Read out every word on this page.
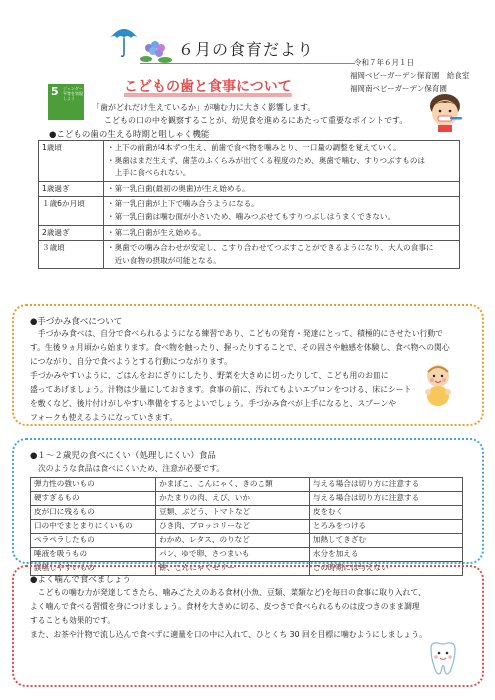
６月の食育だより
令和７年６月１日
福岡ベビーガーデン保育園　給食室
福岡南ベビーガーデン保育園
5 ジェンダー平等を実現しよう
こどもの歯と食事について
「歯がどれだけ生えているか」が噛む力に大きく影響します。
こどもの口の中を観察することが、幼児食を進めるにあたって重要なポイントです。
●こどもの歯の生える時期と咀しゃく機能
1歳頃	・上下の前歯が4本ずつ生え、前歯で食べ物を噛みとり、一口量の調整を覚えていく。
・奥歯はまだ生えず、歯茎のふくらみが出てくる程度のため、奥歯で噛む、すりつぶすものは
　上手に食べられない。

1歳過ぎ	・第一乳臼歯(最初の奥歯)が生え始める。

１歳6か月頃	・第一乳臼歯が上下で噛み合うようになる。
・第一乳臼歯は噛む面が小さいため、噛みつぶせてもすりつぶしはうまくできない。

2歳過ぎ	・第二乳臼歯が生え始める。

３歳頃	・奥歯での噛み合わせが安定し、こすり合わせてつぶすことができるようになり、大人の食事に
　近い食物の摂取が可能となる。
●手づかみ食べについて
　手づかみ食べは、自分で食べられるようになる練習であり、こどもの発育・発達にとって、積極的にさせたい行動で
す。生後９ヵ月頃から始まります。食べ物を触ったり、握ったりすることで、その固さや触感を体験し、食べ物への関心
につながり、自分で食べようとする行動につながります。
手づかみやすいように、ごはんをおにぎりにしたり、野菜を大きめに切ったりして、こども用のお皿に
盛ってあげましょう。汁物は少量にしておきます。食事の前に、汚れてもよいエプロンをつける、床にシート
を敷くなど、後片付けがしやすい準備をするとよいでしょう。手づかみ食べが上手になると、スプーンや
フォークも使えるようになっていきます。
●１～２歳児の食べにくい（処理しにくい）食品
次のような食品は食べにくいため、注意が必要です。
弾力性の強いもの	かまぼこ、こんにゃく、きのこ類	与える場合は切り方に注意する
硬すぎるもの	かたまりの肉、えび、いか	与える場合は切り方に注意する
皮が口に残るもの	豆類、ぶどう、トマトなど	皮をむく
口の中でまとまりにくいもの	ひき肉、ブロッコリーなど	とろみをつける
ペラペラしたもの	わかめ、レタス、のりなど	加熱してきざむ
唾液を吸うもの	パン、ゆで卵、さつまいも	水分を加える
誤嚥しやすいもの	餅、こんにゃくゼリー	この時期には与えない
●よく噛んで食べましょう
　こどもの噛む力が発達してきたら、噛みごたえのある食材(小魚、豆類、菜類など)を毎日の食事に取り入れて、
よく噛んで食べる習慣を身につけましょう。食材を大きめに切る、皮つきで食べられるものは皮つきのまま調理
することも効果的です。
また、お茶や汁物で流し込んで食べずに適量を口の中に入れて、ひとくち 30 回を目標に噛むようにしましょう。
